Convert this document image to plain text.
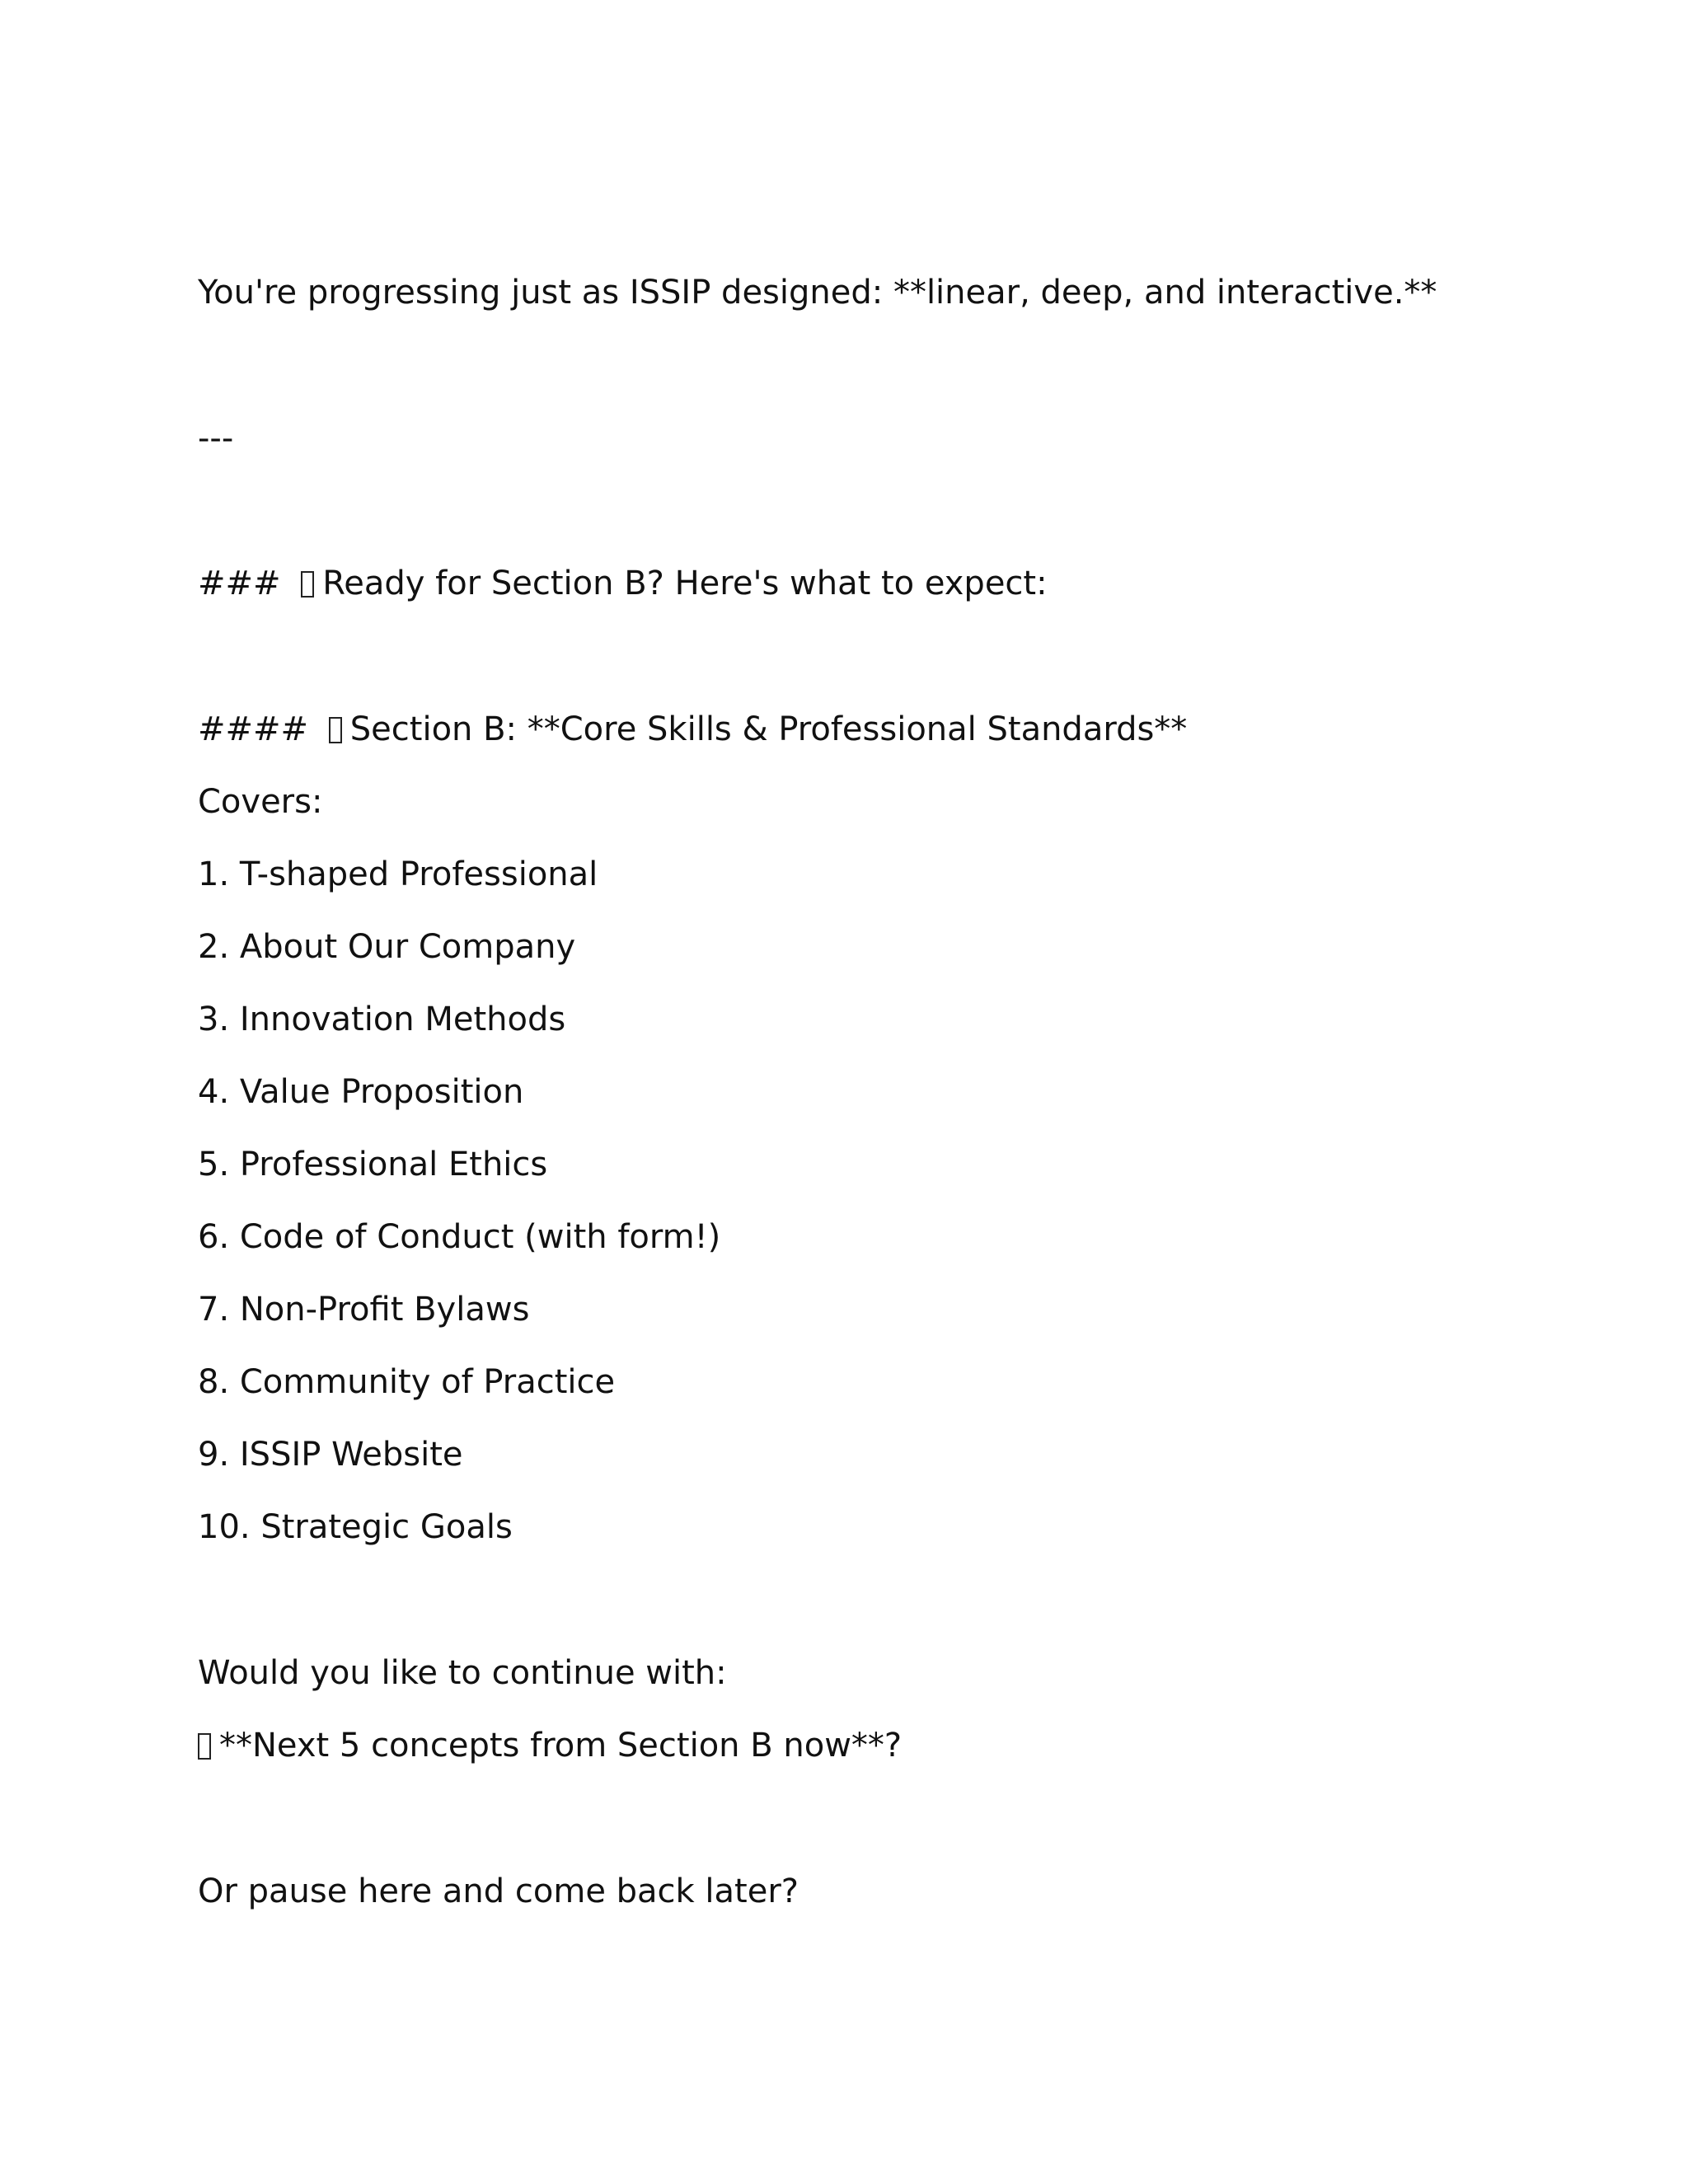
You're progressing just as ISSIP designed: **linear, deep, and interactive.**
---
### Ready for Section B? Here's what to expect:
#### Section B: **Core Skills & Professional Standards**
Covers:
1. T-shaped Professional
2. About Our Company
3. Innovation Methods
4. Value Proposition
5. Professional Ethics
6. Code of Conduct (with form!)
7. Non-Profit Bylaws
8. Community of Practice
9. ISSIP Website
10. Strategic Goals
Would you like to continue with:
**Next 5 concepts from Section B now**?
Or pause here and come back later?
